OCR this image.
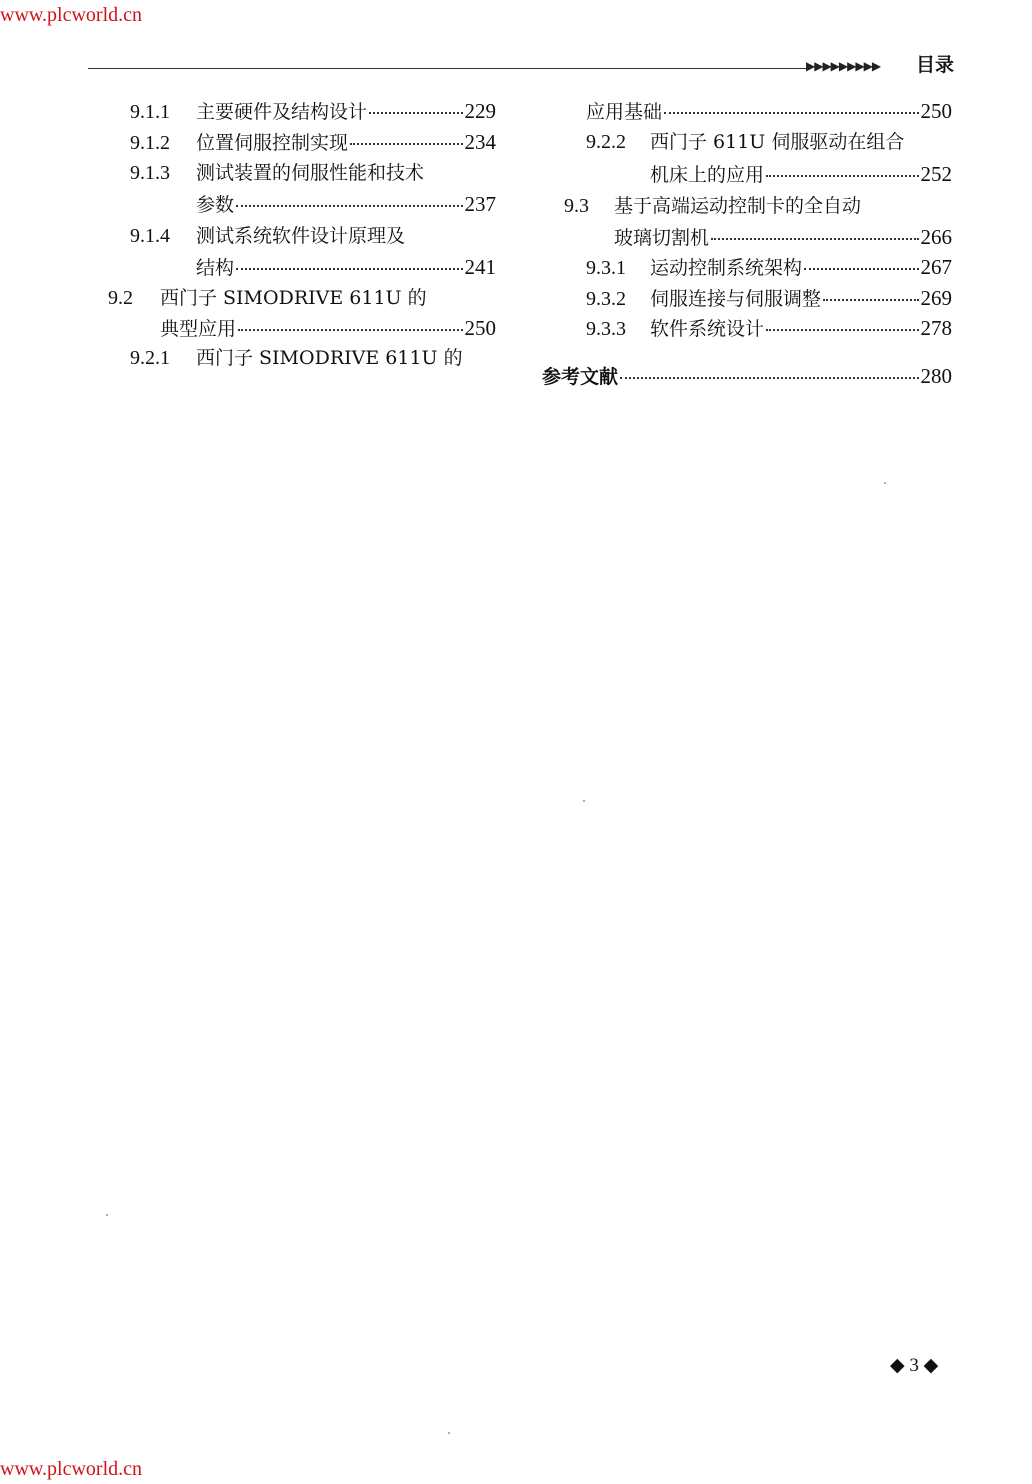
www.plcworld.cn
▶▶▶▶▶▶▶▶▶ 目录
9.1.1	主要硬件及结构设计	229
9.1.2	位置伺服控制实现	234
9.1.3 测试装置的伺服性能和技术
参数	237
9.1.4 测试系统软件设计原理及
结构	241
9.2 西门子 SIMODRIVE 611U 的
典型应用	250
9.2.1 西门子 SIMODRIVE 611U 的
应用基础	250
9.2.2 西门子 611U 伺服驱动在组合
机床上的应用	252
9.3 基于高端运动控制卡的全自动
玻璃切割机	266
9.3.1	运动控制系统架构	267
9.3.2	伺服连接与伺服调整	269
9.3.3	软件系统设计	278
参考文献	280
◆ 3 ◆
www.plcworld.cn
